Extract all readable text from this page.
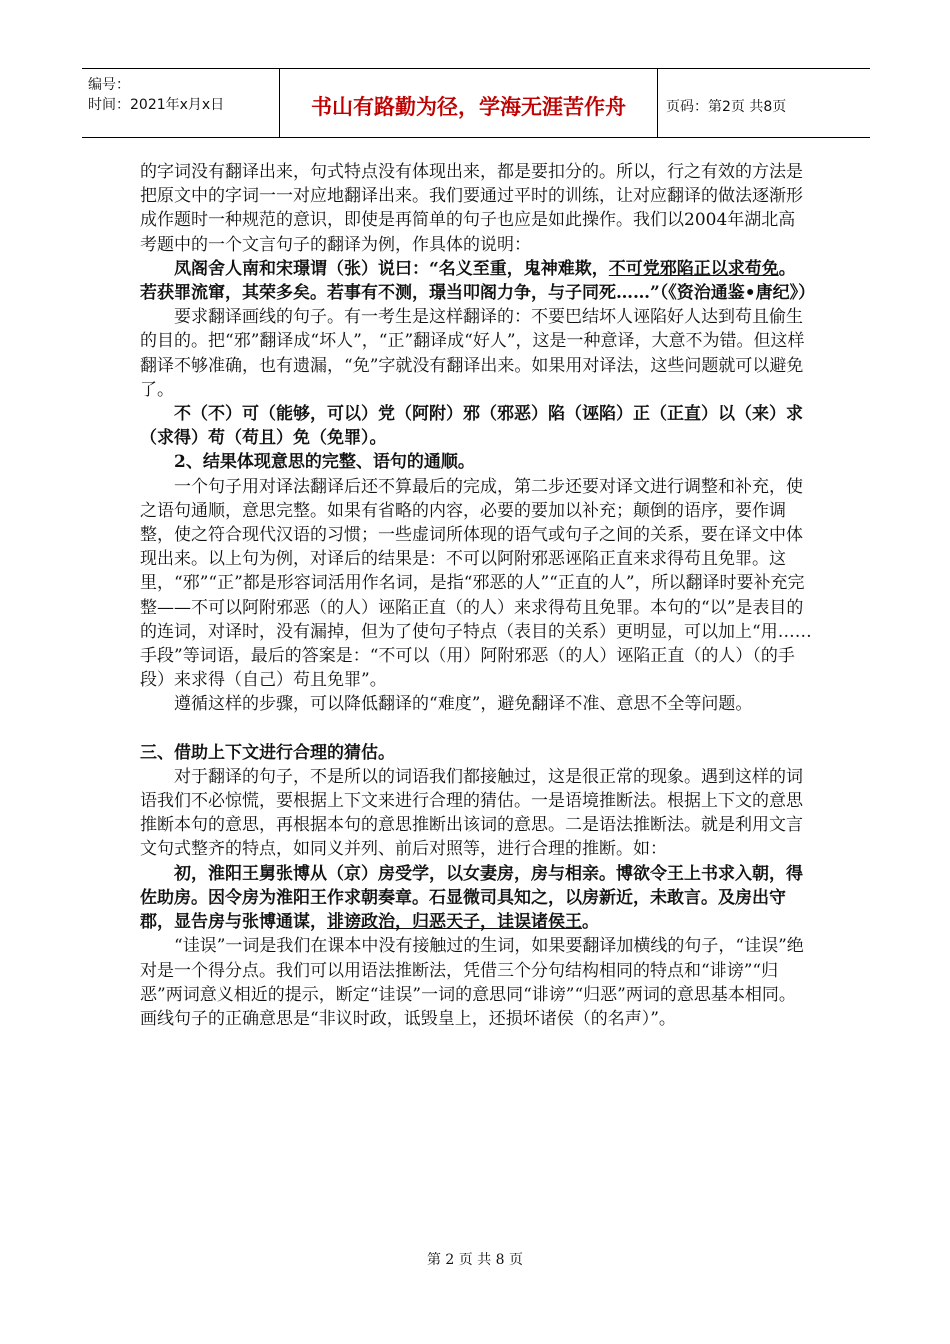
编号：
时间：2021年x月x日	书山有路勤为径，学海无涯苦作舟	页码：第2页 共8页

的字词没有翻译出来，句式特点没有体现出来，都是要扣分的。所以，行之有效的方法是把原文中的字词一一对应地翻译出来。我们要通过平时的训练，让对应翻译的做法逐渐形成作题时一种规范的意识，即使是再简单的句子也应是如此操作。我们以2004年湖北高考题中的一个文言句子的翻译为例，作具体的说明：

凤阁舍人南和宋璟谓（张）说曰：“名义至重，鬼神难欺，不可党邪陷正以求苟免。若获罪流窜，其荣多矣。若事有不测，璟当叩阁力争，与子同死……”（《资治通鉴•唐纪》）

要求翻译画线的句子。有一考生是这样翻译的：不要巴结坏人诬陷好人达到苟且偷生的目的。把“邪”翻译成“坏人”，“正”翻译成“好人”，这是一种意译，大意不为错。但这样翻译不够准确，也有遗漏，“免”字就没有翻译出来。如果用对译法，这些问题就可以避免了。

不（不）可（能够，可以）党（阿附）邪（邪恶）陷（诬陷）正（正直）以（来）求（求得）苟（苟且）免（免罪）。

2、结果体现意思的完整、语句的通顺。

一个句子用对译法翻译后还不算最后的完成，第二步还要对译文进行调整和补充，使之语句通顺，意思完整。如果有省略的内容，必要的要加以补充；颠倒的语序，要作调整，使之符合现代汉语的习惯；一些虚词所体现的语气或句子之间的关系，要在译文中体现出来。以上句为例，对译后的结果是：不可以阿附邪恶诬陷正直来求得苟且免罪。这里，“邪”“正”都是形容词活用作名词，是指“邪恶的人”“正直的人”，所以翻译时要补充完整——不可以阿附邪恶（的人）诬陷正直（的人）来求得苟且免罪。本句的“以”是表目的的连词，对译时，没有漏掉，但为了使句子特点（表目的关系）更明显，可以加上“用……手段”等词语，最后的答案是：“不可以（用）阿附邪恶（的人）诬陷正直（的人）（的手段）来求得（自己）苟且免罪”。

遵循这样的步骤，可以降低翻译的“难度”，避免翻译不准、意思不全等问题。

三、借助上下文进行合理的猜估。

对于翻译的句子，不是所以的词语我们都接触过，这是很正常的现象。遇到这样的词语我们不必惊慌，要根据上下文来进行合理的猜估。一是语境推断法。根据上下文的意思推断本句的意思，再根据本句的意思推断出该词的意思。二是语法推断法。就是利用文言文句式整齐的特点，如同义并列、前后对照等，进行合理的推断。如：

初，淮阳王舅张博从（京）房受学，以女妻房，房与相亲。博欲令王上书求入朝，得佐助房。因令房为淮阳王作求朝奏章。石显微司具知之，以房新近，未敢言。及房出守郡，显告房与张博通谋，诽谤政治，归恶天子，诖误诸侯王。

“诖误”一词是我们在课本中没有接触过的生词，如果要翻译加横线的句子，“诖误”绝对是一个得分点。我们可以用语法推断法，凭借三个分句结构相同的特点和“诽谤”“归恶”两词意义相近的提示，断定“诖误”一词的意思同“诽谤”“归恶”两词的意思基本相同。画线句子的正确意思是“非议时政，诋毁皇上，还损坏诸侯（的名声）”。

第 2 页 共 8 页
